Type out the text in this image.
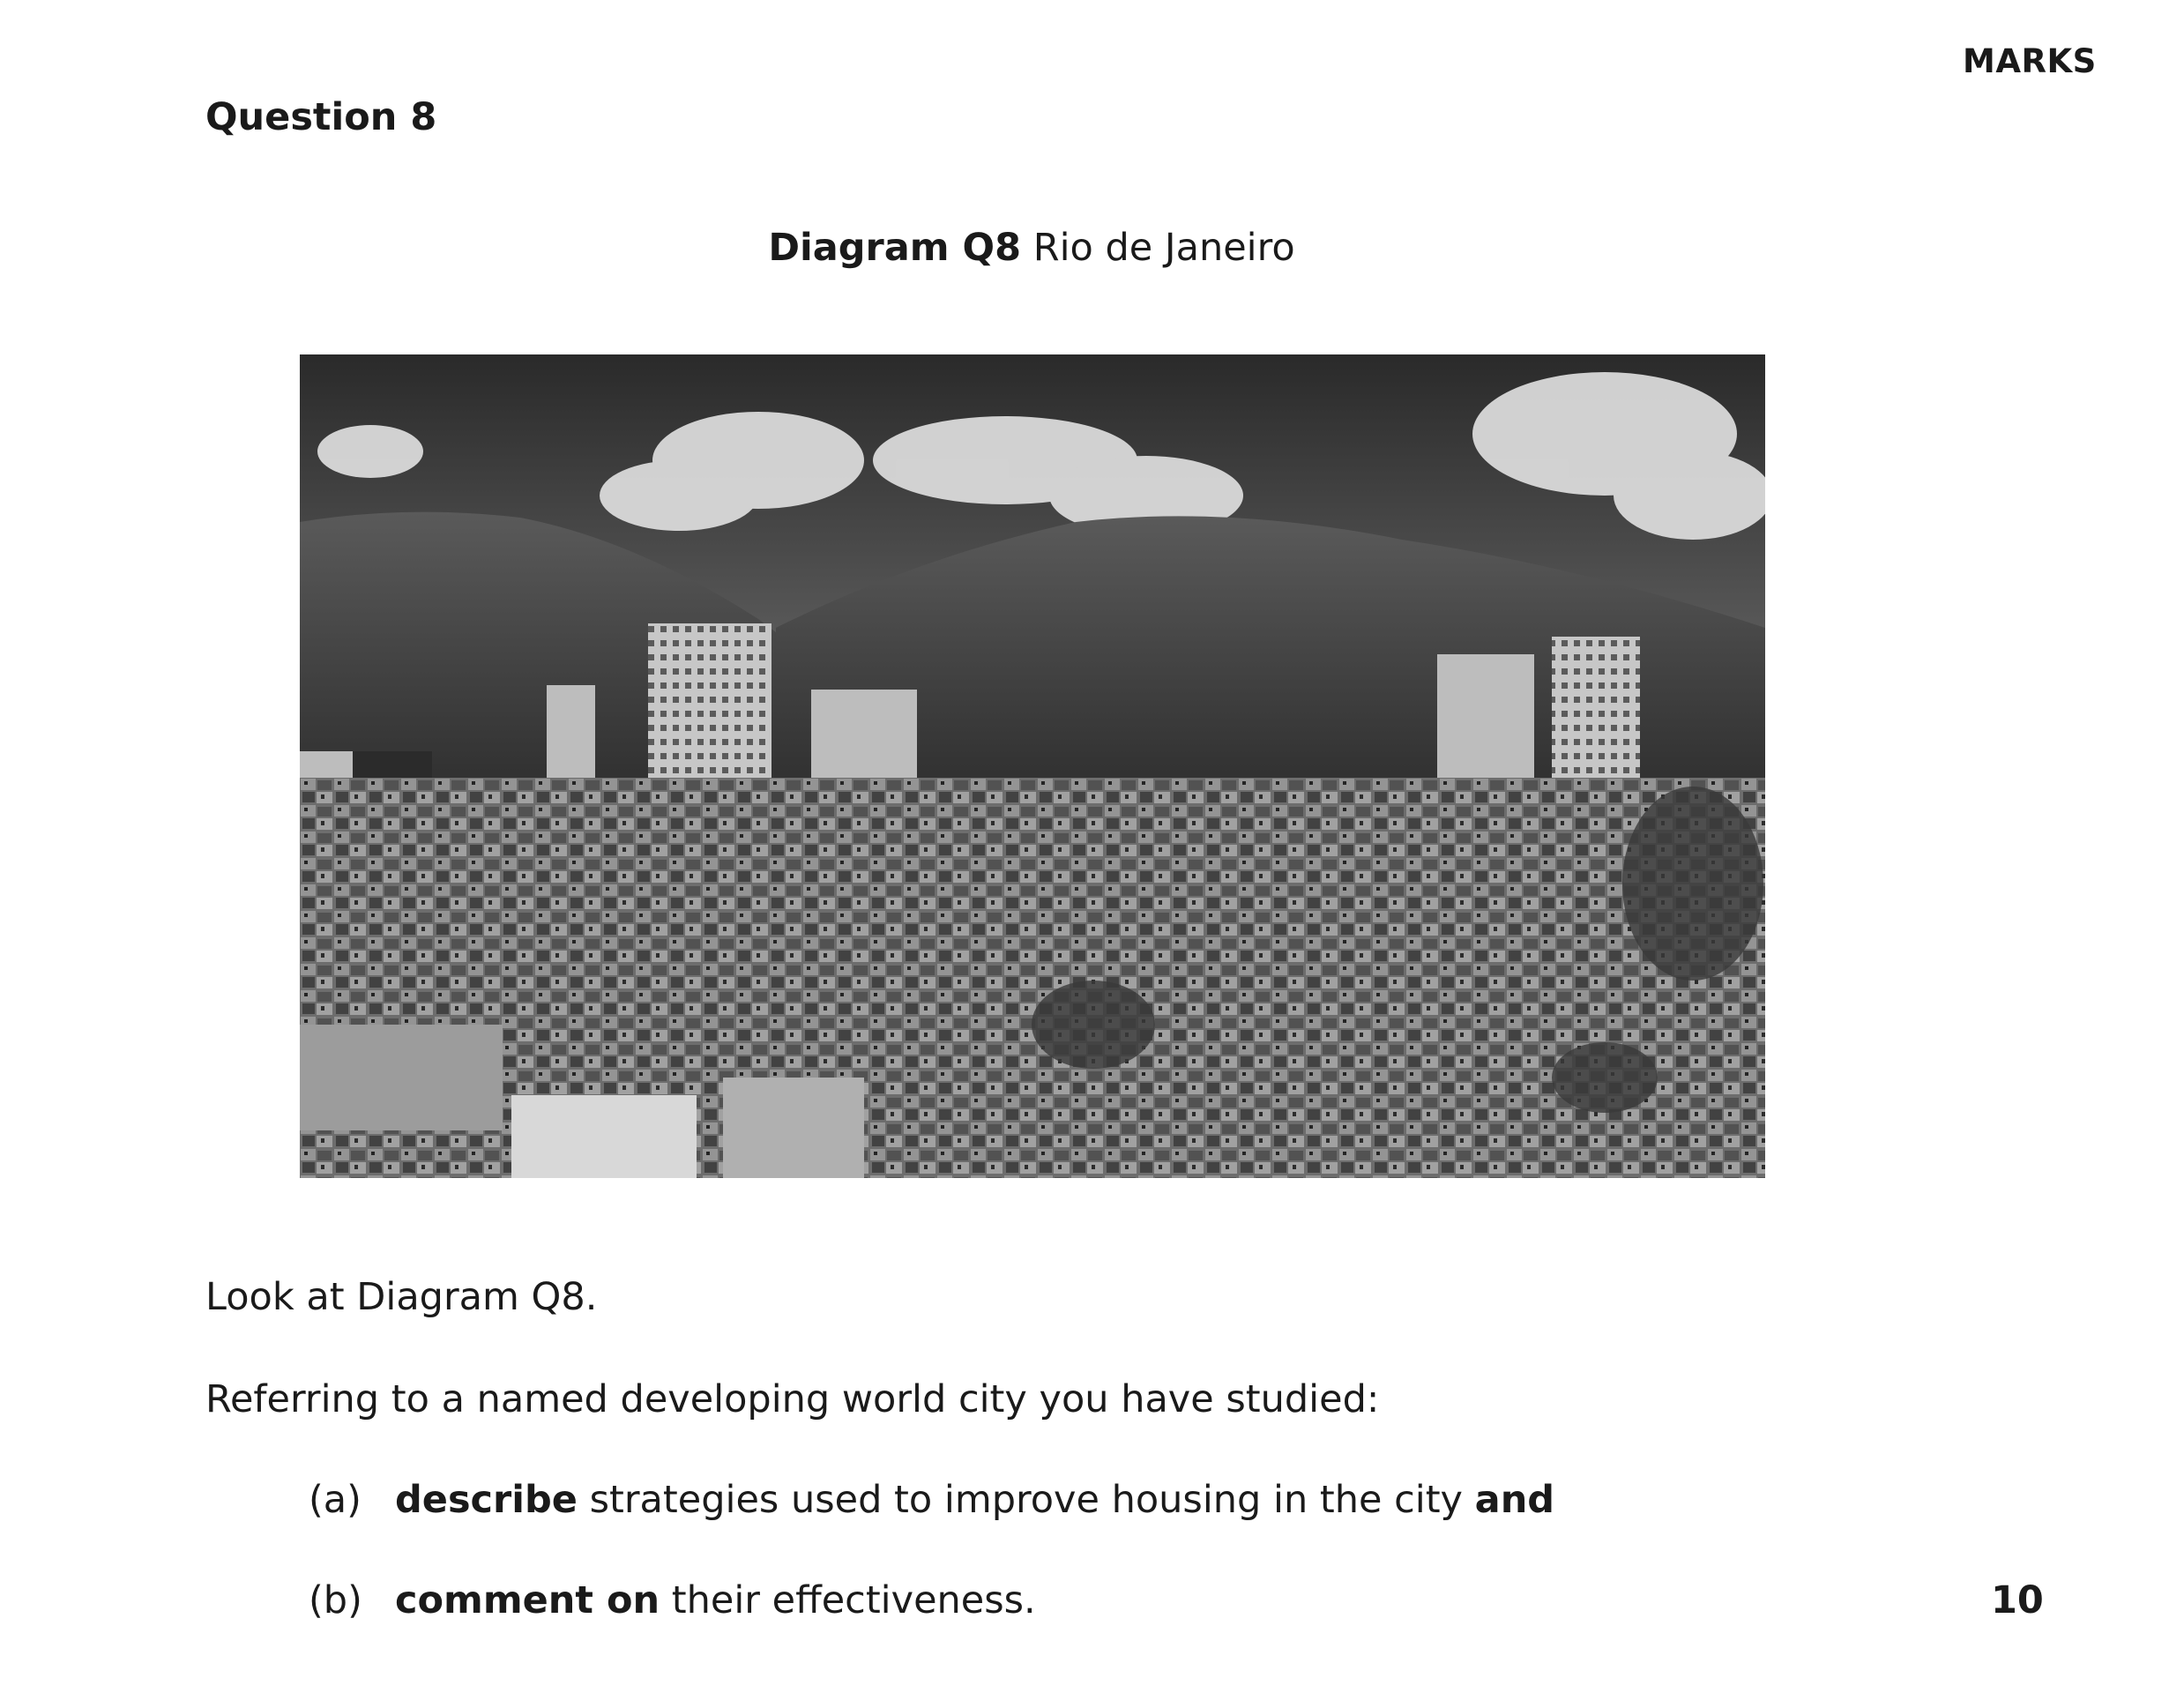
MARKS
Question 8
Diagram Q8 Rio de Janeiro
Look at Diagram Q8.
Referring to a named developing world city you have studied:
(a) describe strategies used to improve housing in the city and
(b) comment on their effectiveness.	10
